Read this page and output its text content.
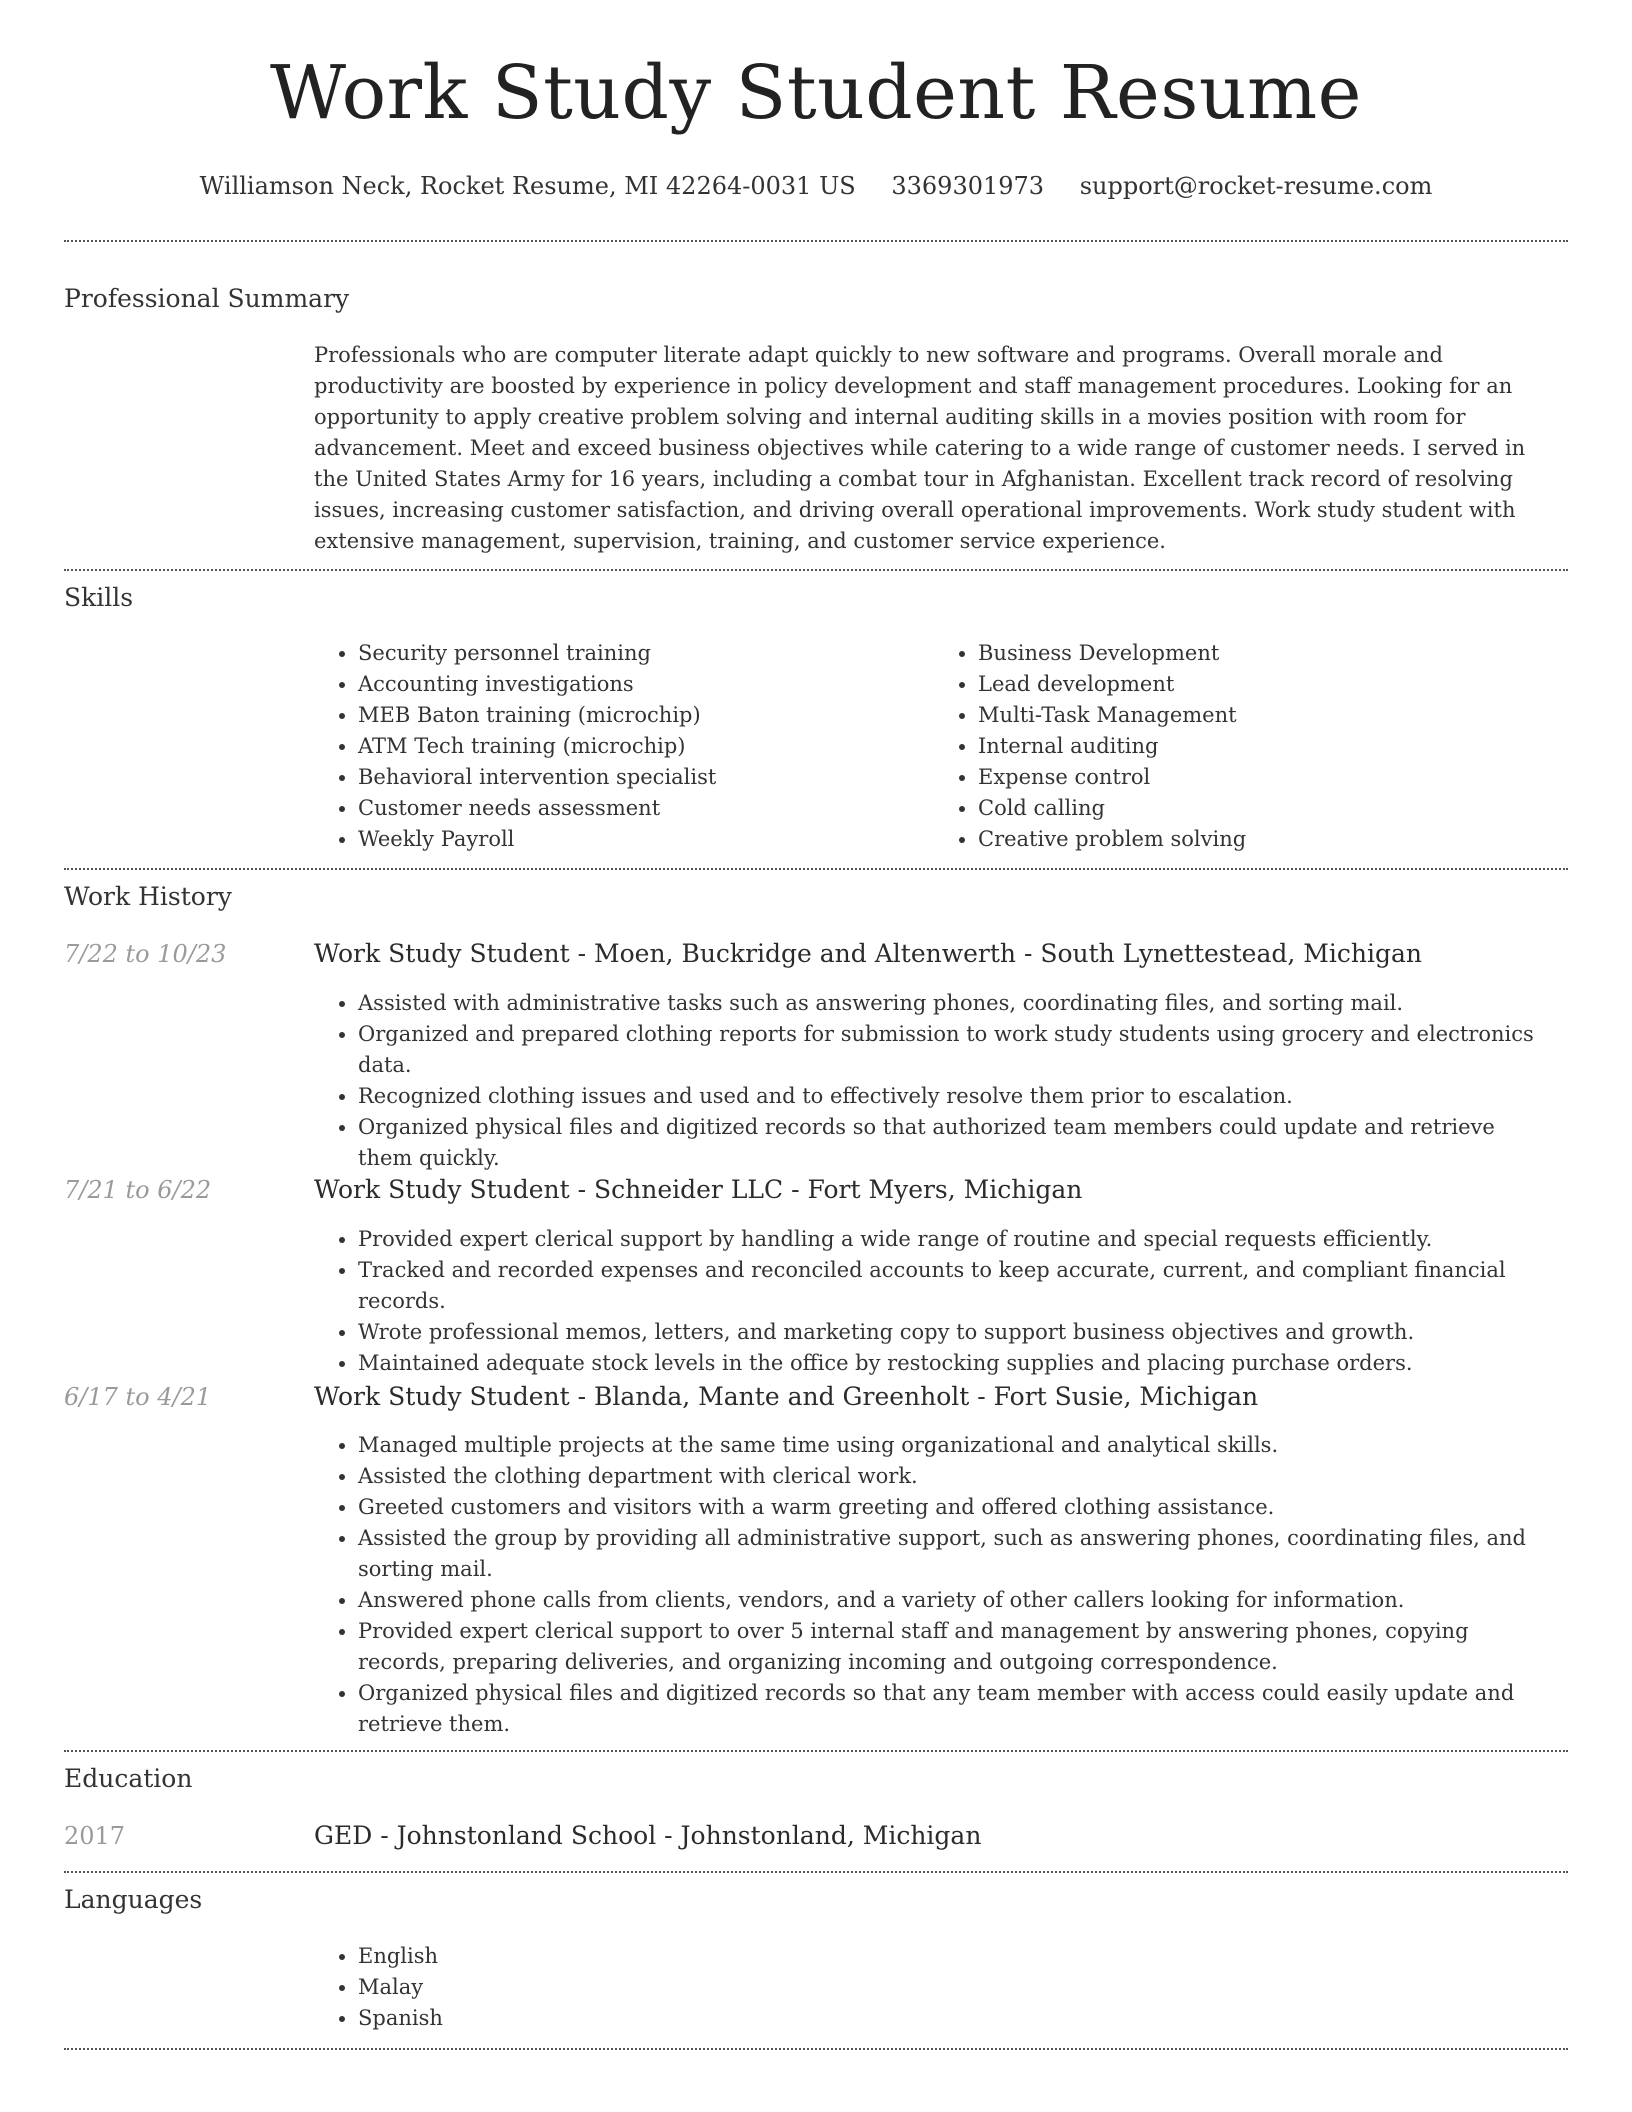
Work Study Student Resume
Williamson Neck, Rocket Resume, MI 42264-0031 US 3369301973 support@rocket-resume.com
Professional Summary

Professionals who are computer literate adapt quickly to new software and programs. Overall morale and productivity are boosted by experience in policy development and staff management procedures. Looking for an opportunity to apply creative problem solving and internal auditing skills in a movies position with room for advancement. Meet and exceed business objectives while catering to a wide range of customer needs. I served in the United States Army for 16 years, including a combat tour in Afghanistan. Excellent track record of resolving issues, increasing customer satisfaction, and driving overall operational improvements. Work study student with extensive management, supervision, training, and customer service experience.

Skills
• Security personnel training
• Accounting investigations
• MEB Baton training (microchip)
• ATM Tech training (microchip)
• Behavioral intervention specialist
• Customer needs assessment
• Weekly Payroll
• Business Development
• Lead development
• Multi-Task Management
• Internal auditing
• Expense control
• Cold calling
• Creative problem solving
Work History
7/22 to 10/23	Work Study Student - Moen, Buckridge and Altenwerth - South Lynettestead, Michigan
• Assisted with administrative tasks such as answering phones, coordinating files, and sorting mail.
• Organized and prepared clothing reports for submission to work study students using grocery and electronics data.
• Recognized clothing issues and used and to effectively resolve them prior to escalation.
• Organized physical files and digitized records so that authorized team members could update and retrieve them quickly.
7/21 to 6/22	Work Study Student - Schneider LLC - Fort Myers, Michigan
• Provided expert clerical support by handling a wide range of routine and special requests efficiently.
• Tracked and recorded expenses and reconciled accounts to keep accurate, current, and compliant financial records.
• Wrote professional memos, letters, and marketing copy to support business objectives and growth.
• Maintained adequate stock levels in the office by restocking supplies and placing purchase orders.
6/17 to 4/21	Work Study Student - Blanda, Mante and Greenholt - Fort Susie, Michigan
• Managed multiple projects at the same time using organizational and analytical skills.
• Assisted the clothing department with clerical work.
• Greeted customers and visitors with a warm greeting and offered clothing assistance.
• Assisted the group by providing all administrative support, such as answering phones, coordinating files, and sorting mail.
• Answered phone calls from clients, vendors, and a variety of other callers looking for information.
• Provided expert clerical support to over 5 internal staff and management by answering phones, copying records, preparing deliveries, and organizing incoming and outgoing correspondence.
• Organized physical files and digitized records so that any team member with access could easily update and retrieve them.
Education
2017	GED - Johnstonland School - Johnstonland, Michigan
Languages
• English
• Malay
• Spanish
